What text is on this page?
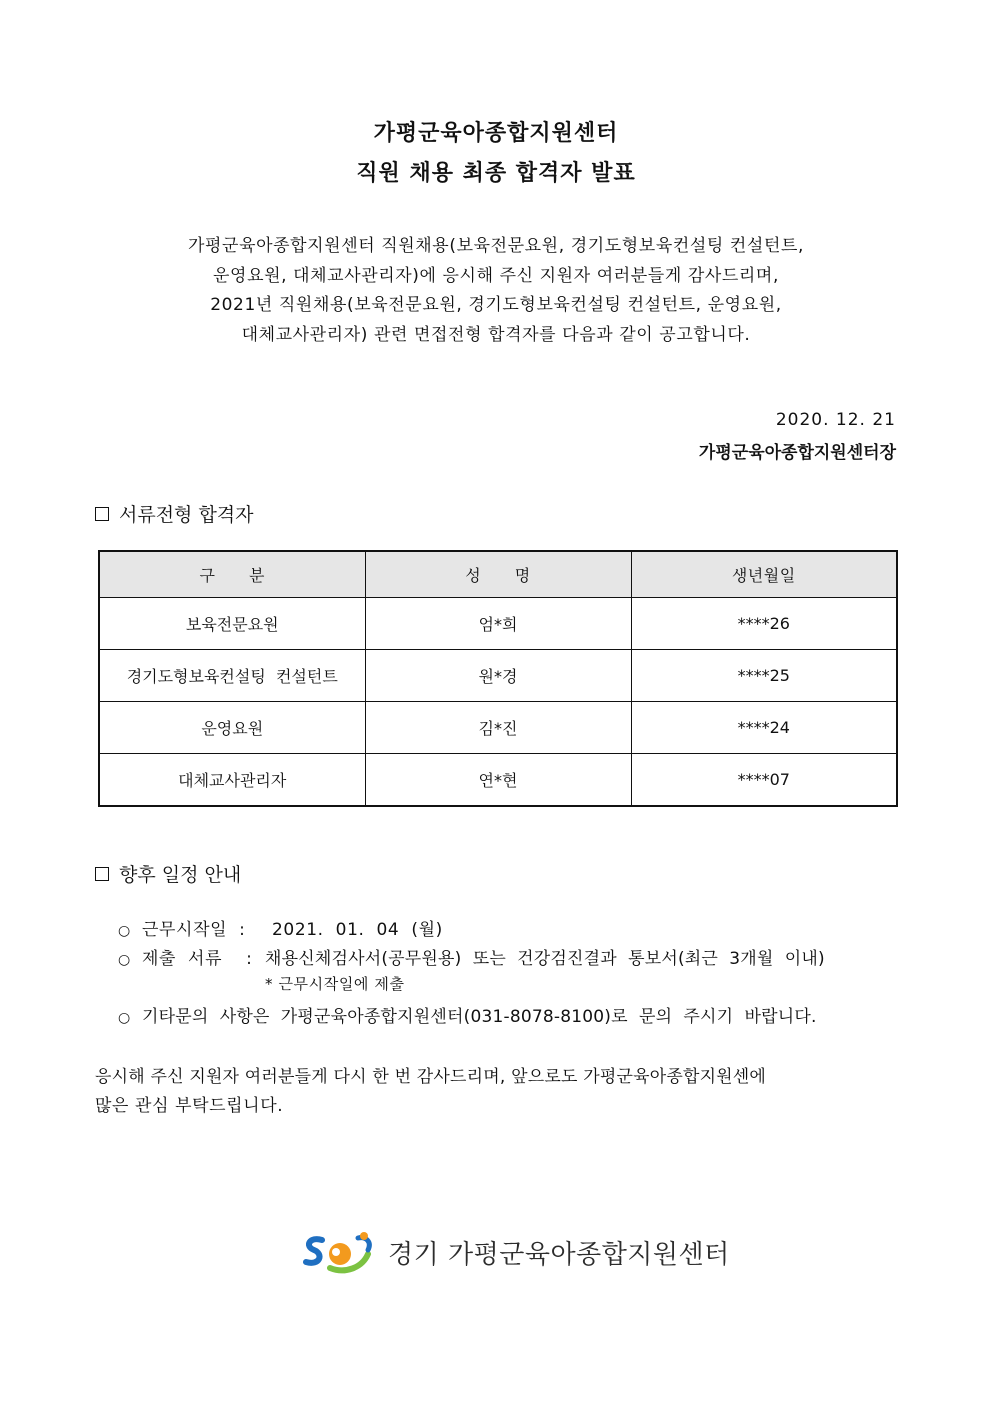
가평군육아종합지원센터
직원 채용 최종 합격자 발표
가평군육아종합지원센터 직원채용(보육전문요원, 경기도형보육컨설팅 컨설턴트,
운영요원, 대체교사관리자)에 응시해 주신 지원자 여러분들게 감사드리며,
2021년 직원채용(보육전문요원, 경기도형보육컨설팅 컨설턴트, 운영요원,
대체교사관리자) 관련 면접전형 합격자를 다음과 같이 공고합니다.
2020. 12. 21
가평군육아종합지원센터장
서류전형 합격자
구      분	성      명	생년월일
보육전문요원	엄*희	****26
경기도형보육컨설팅  컨설턴트	원*경	****25
운영요원	김*진	****24
대체교사관리자	연*현	****07
향후 일정 안내
○ 근무시작일  :	2021.  01.  04  (월)
○ 제출  서류    : 채용신체검사서(공무원용)  또는  건강검진결과  통보서(최근  3개월  이내)
* 근무시작일에 제출
○ 기타문의  사항은  가평군육아종합지원센터(031-8078-8100)로  문의  주시기  바랍니다.
응시해 주신 지원자 여러분들게 다시 한 번 감사드리며, 앞으로도 가평군육아종합지원센에
많은 관심 부탁드립니다.
경기 가평군육아종합지원센터
